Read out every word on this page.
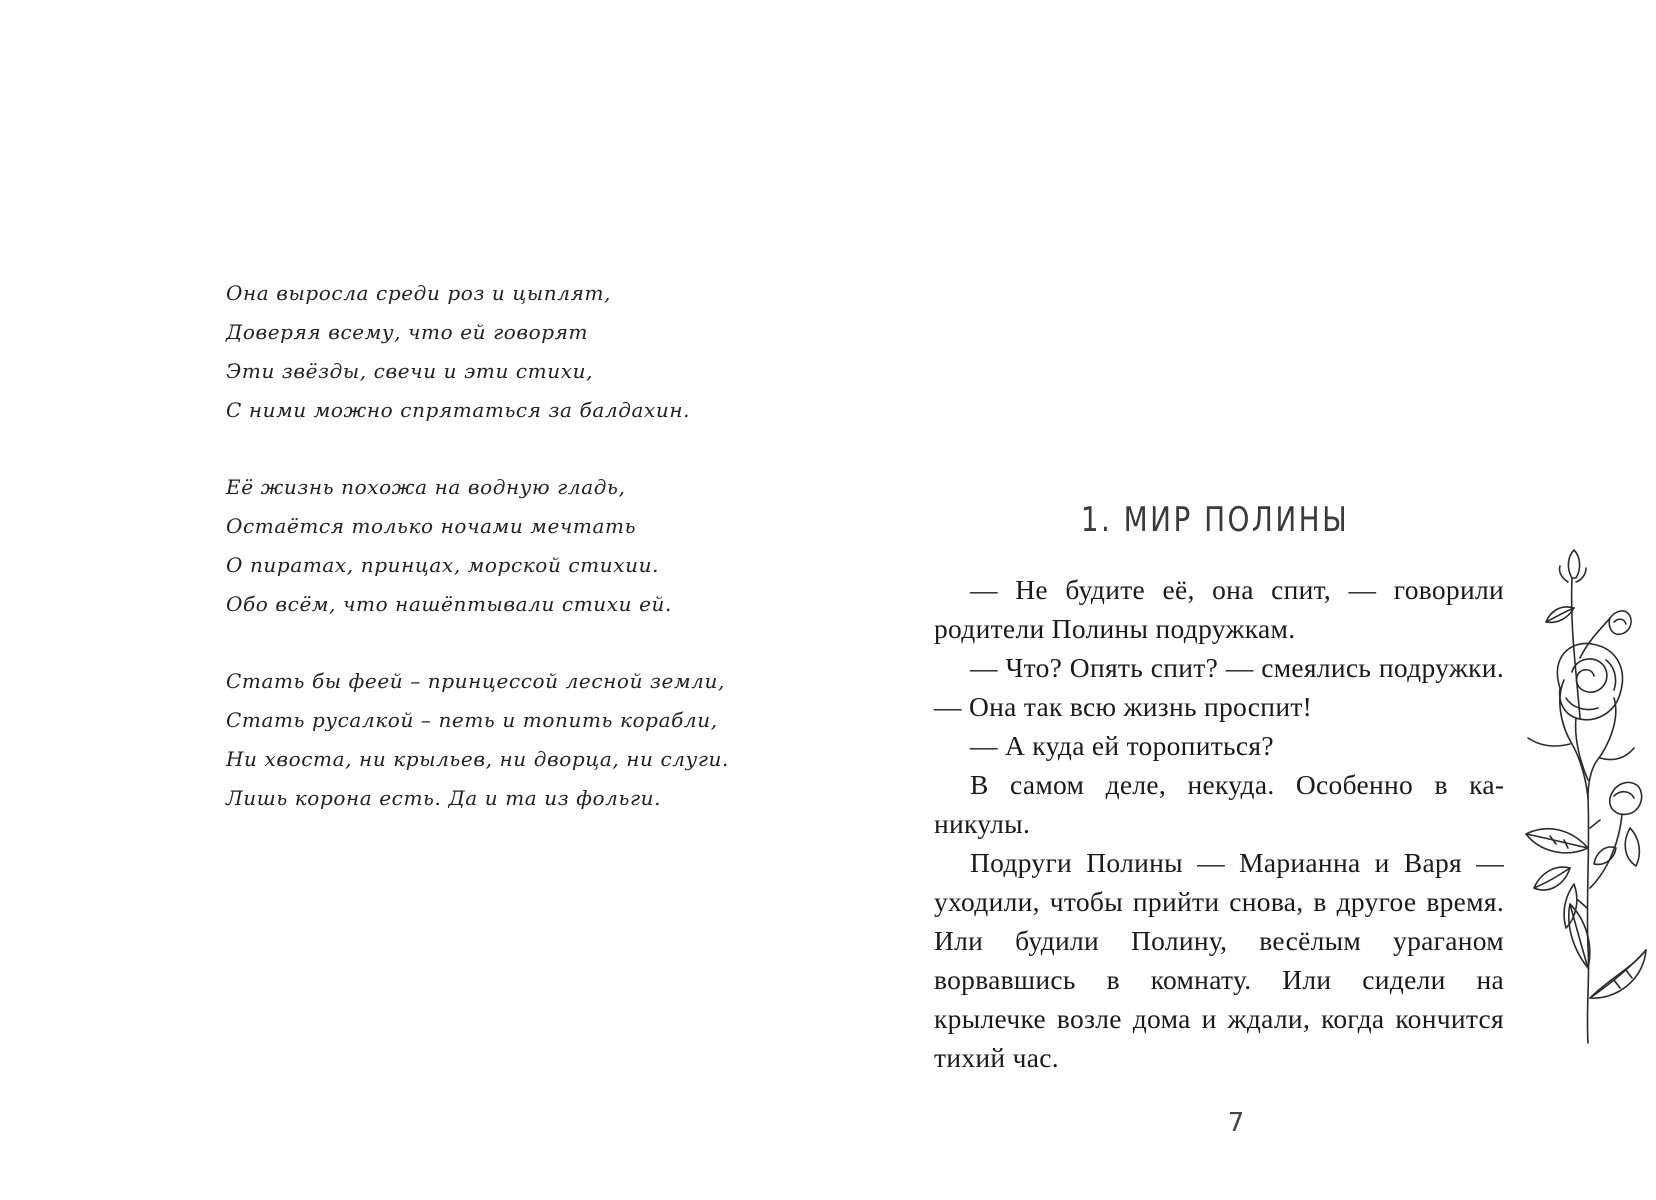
Она выросла среди роз и цыплят,
Доверяя всему, что ей говорят
Эти звёзды, свечи и эти стихи,
С ними можно спрятаться за балдахин.
Её жизнь похожа на водную гладь,
Остаётся только ночами мечтать
О пиратах, принцах, морской стихии.
Обо всём, что нашёптывали стихи ей.
Стать бы феей – принцессой лесной земли,
Стать русалкой – петь и топить корабли,
Ни хвоста, ни крыльев, ни дворца, ни слуги.
Лишь корона есть. Да и та из фольги.
1. МИР ПОЛИНЫ

— Не будите её, она спит, — говорили родители Полины подружкам.

— Что? Опять спит? — смеялись подружки. — Она так всю жизнь проспит!

— А куда ей торопиться?

В самом деле, некуда. Особенно в каникулы.

Подруги Полины — Марианна и Варя — уходили, чтобы прийти снова, в другое время. Или будили Полину, весёлым ураганом ворвавшись в комнату. Или сидели на крылечке возле дома и ждали, когда кончится тихий час.

7
